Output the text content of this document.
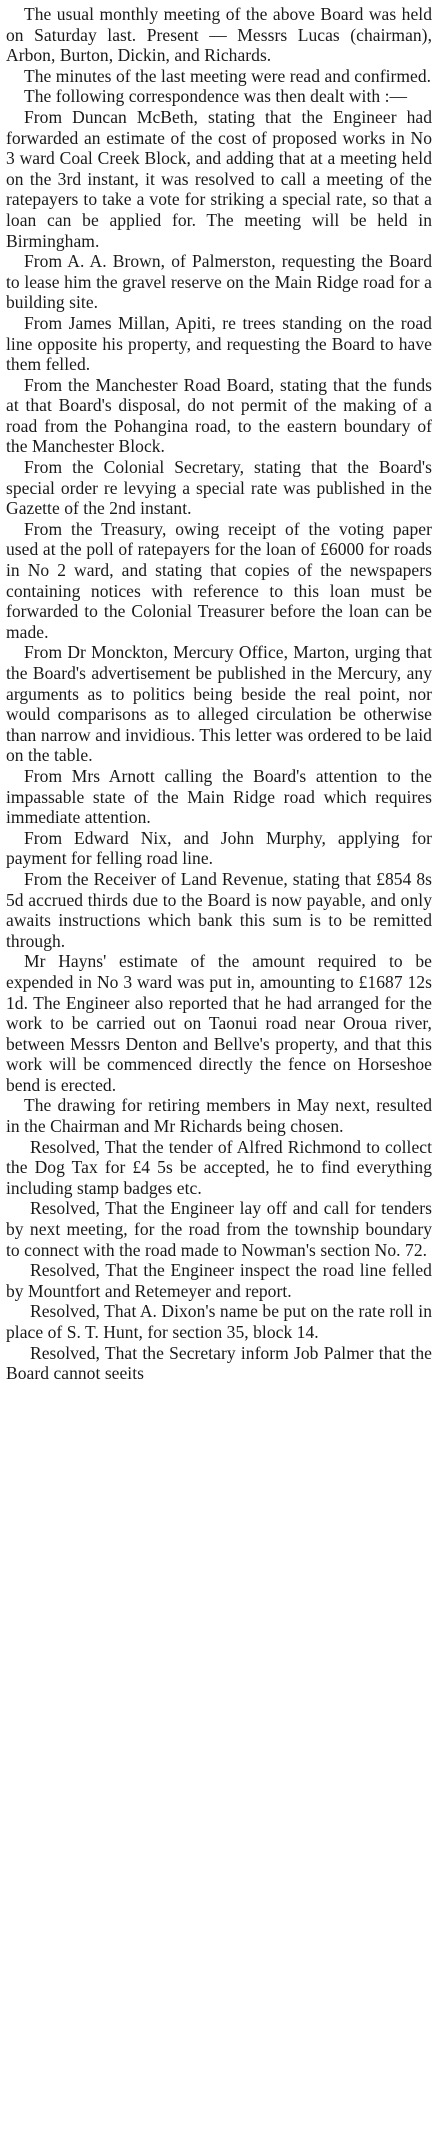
The usual monthly meeting of the above Board was held on Saturday last. Present — Messrs Lucas (chairman), Arbon, Burton, Dickin, and Richards.

The minutes of the last meeting were read and confirmed.

The following correspondence was then dealt with :—

From Duncan McBeth, stating that the Engineer had forwarded an estimate of the cost of proposed works in No 3 ward Coal Creek Block, and adding that at a meeting held on the 3rd instant, it was resolved to call a meeting of the ratepayers to take a vote for striking a special rate, so that a loan can be applied for. The meeting will be held in Birmingham.

From A. A. Brown, of Palmerston, requesting the Board to lease him the gravel reserve on the Main Ridge road for a building site.

From James Millan, Apiti, re trees standing on the road line opposite his property, and requesting the Board to have them felled.

From the Manchester Road Board, stating that the funds at that Board's disposal, do not permit of the making of a road from the Pohangina road, to the eastern boundary of the Manchester Block.

From the Colonial Secretary, stating that the Board's special order re levying a special rate was published in the Gazette of the 2nd instant.

From the Treasury, owing receipt of the voting paper used at the poll of ratepayers for the loan of £6000 for roads in No 2 ward, and stating that copies of the newspapers containing notices with reference to this loan must be forwarded to the Colonial Treasurer before the loan can be made.

From Dr Monckton, Mercury Office, Marton, urging that the Board's advertisement be published in the Mercury, any arguments as to politics being beside the real point, nor would comparisons as to alleged circulation be otherwise than narrow and invidious. This letter was ordered to be laid on the table.

From Mrs Arnott calling the Board's attention to the impassable state of the Main Ridge road which requires immediate attention.

From Edward Nix, and John Murphy, applying for payment for felling road line.

From the Receiver of Land Revenue, stating that £854 8s 5d accrued thirds due to the Board is now payable, and only awaits instructions which bank this sum is to be remitted through.

Mr Hayns' estimate of the amount required to be expended in No 3 ward was put in, amounting to £1687 12s 1d. The Engineer also reported that he had arranged for the work to be carried out on Taonui road near Oroua river, between Messrs Denton and Bellve's property, and that this work will be commenced directly the fence on Horseshoe bend is erected.

The drawing for retiring members in May next, resulted in the Chairman and Mr Richards being chosen.

Resolved, That the tender of Alfred Richmond to collect the Dog Tax for £4 5s be accepted, he to find everything including stamp badges etc.

Resolved, That the Engineer lay off and call for tenders by next meeting, for the road from the township boundary to connect with the road made to Nowman's section No. 72.

Resolved, That the Engineer inspect the road line felled by Mountfort and Retemeyer and report.

Resolved, That A. Dixon's name be put on the rate roll in place of S. T. Hunt, for section 35, block 14.

Resolved, That the Secretary inform Job Palmer that the Board cannot seeits
